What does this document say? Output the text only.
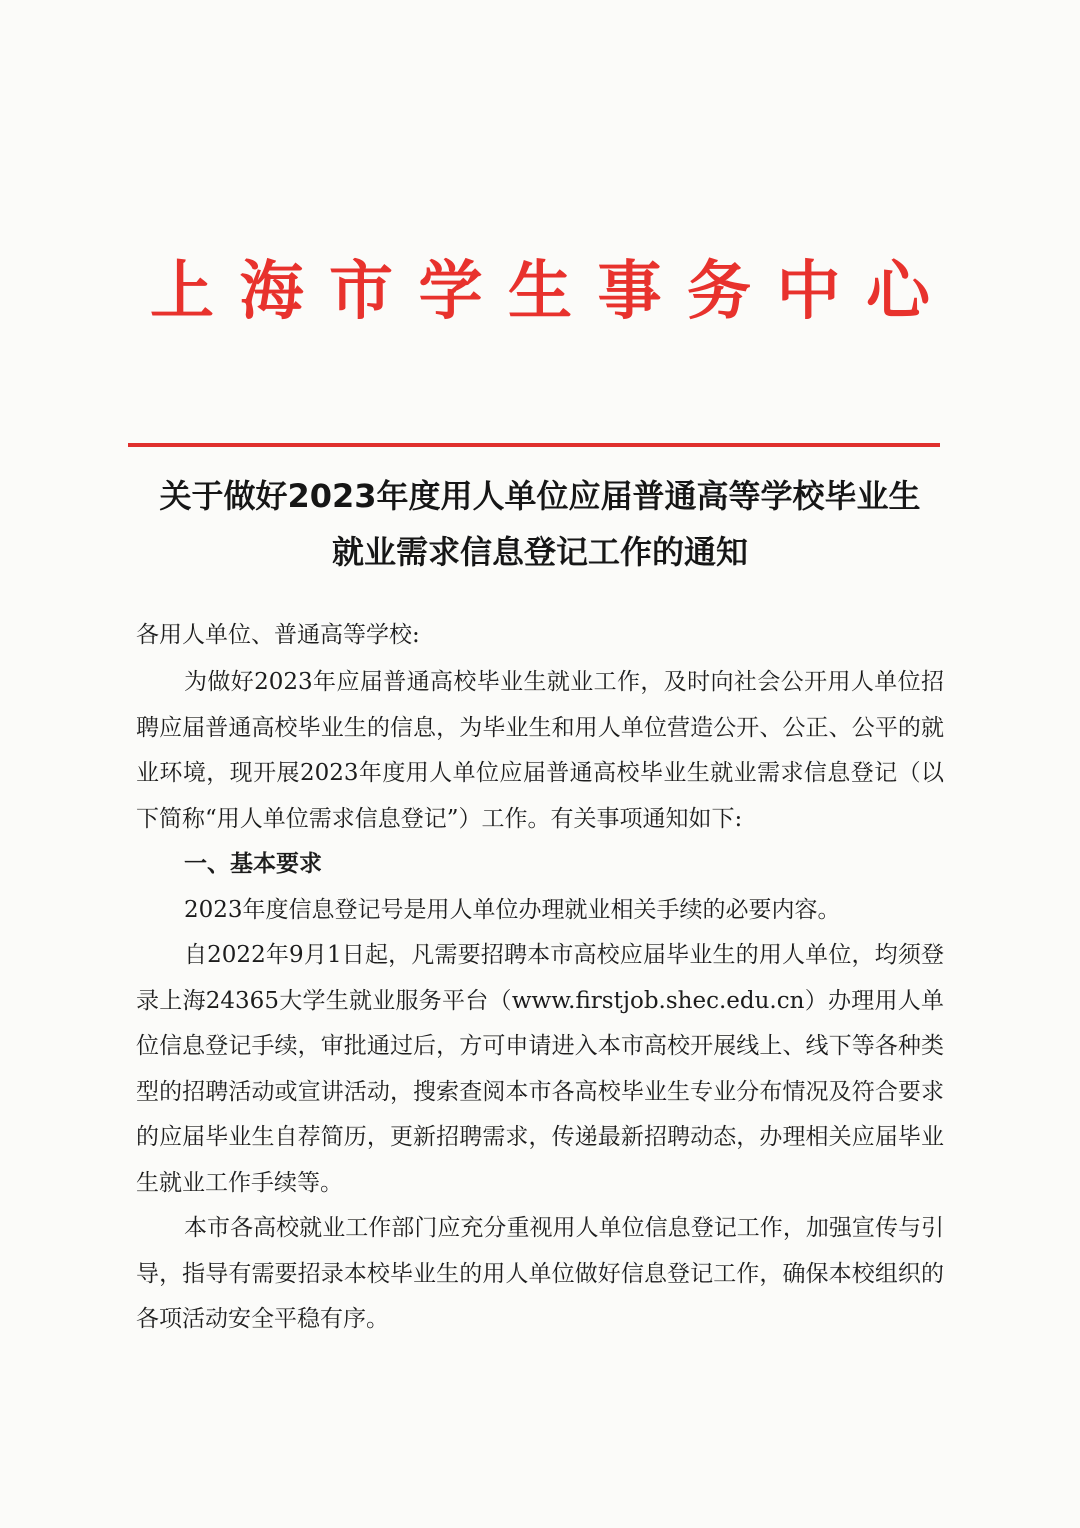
上 海 市 学 生 事 务 中 心
关于做好2023年度用人单位应届普通高等学校毕业生
就业需求信息登记工作的通知
各用人单位、普通高等学校:

为做好2023年应届普通高校毕业生就业工作，及时向社会公开用人单位招聘应届普通高校毕业生的信息，为毕业生和用人单位营造公开、公正、公平的就业环境，现开展2023年度用人单位应届普通高校毕业生就业需求信息登记（以下简称“用人单位需求信息登记”）工作。有关事项通知如下:

一、基本要求

2023年度信息登记号是用人单位办理就业相关手续的必要内容。

自2022年9月1日起，凡需要招聘本市高校应届毕业生的用人单位，均须登录上海24365大学生就业服务平台（www.firstjob.shec.edu.cn）办理用人单位信息登记手续，审批通过后，方可申请进入本市高校开展线上、线下等各种类型的招聘活动或宣讲活动，搜索查阅本市各高校毕业生专业分布情况及符合要求的应届毕业生自荐简历，更新招聘需求，传递最新招聘动态，办理相关应届毕业生就业工作手续等。

本市各高校就业工作部门应充分重视用人单位信息登记工作，加强宣传与引导，指导有需要招录本校毕业生的用人单位做好信息登记工作，确保本校组织的各项活动安全平稳有序。
